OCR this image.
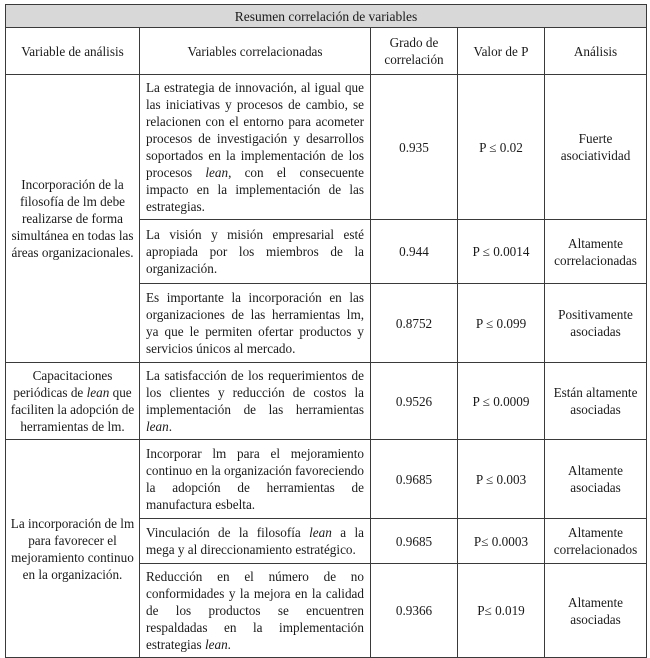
Resumen correlación de variables				
Variable de análisis	Variables correlacionadas	Grado de correlación	Valor de P	Análisis
Incorporación de la filosofía de lm debe realizarse de forma simultánea en todas las áreas organizacionales.	La estrategia de innovación, al igual que las iniciativas y procesos de cambio, se relacionen con el entorno para acometer procesos de investigación y desarrollos soportados en la implementación de los procesos lean, con el consecuente impacto en la implementación de las estrategias.	0.935	P ≤ 0.02	Fuerte asociatividad
	La visión y misión empresarial esté apropiada por los miembros de la organización.	0.944	P ≤ 0.0014	Altamente correlacionadas
	Es importante la incorporación en las organizaciones de las herramientas lm, ya que le permiten ofertar productos y servicios únicos al mercado.	0.8752	P ≤ 0.099	Positivamente asociadas
Capacitaciones periódicas de lean que faciliten la adopción de herramientas de lm.	La satisfacción de los requerimientos de los clientes y reducción de costos la implementación de las herramientas lean.	0.9526	P ≤ 0.0009	Están altamente asociadas
La incorporación de lm para favorecer el mejoramiento continuo en la organización.	Incorporar lm para el mejoramiento continuo en la organización favoreciendo la adopción de herramientas de manufactura esbelta.	0.9685	P ≤ 0.003	Altamente asociadas
	Vinculación de la filosofía lean a la mega y al direccionamiento estratégico.	0.9685	P≤ 0.0003	Altamente correlacionados
	Reducción en el número de no conformidades y la mejora en la calidad de los productos se encuentren respaldadas en la implementación estrategias lean.	0.9366	P≤ 0.019	Altamente asociadas
